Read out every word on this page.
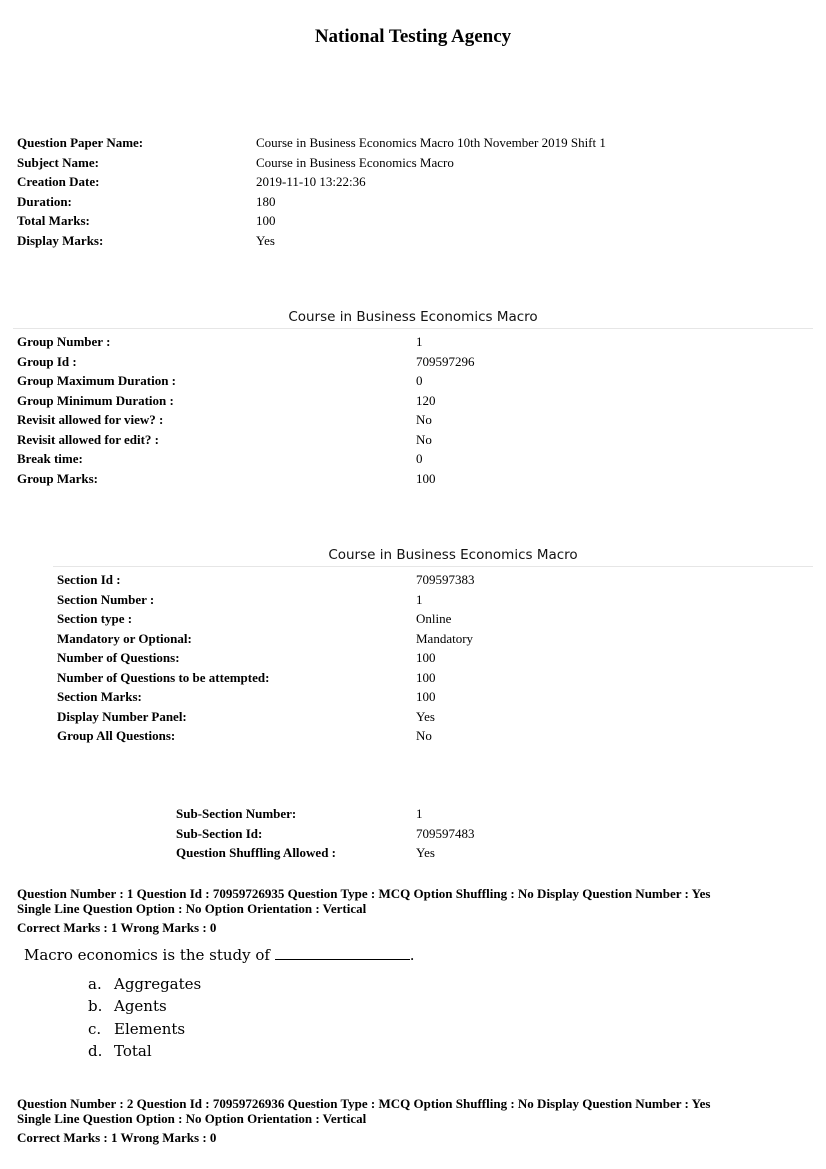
National Testing Agency
Question Paper Name:	Course in Business Economics Macro 10th November 2019 Shift 1
Subject Name:	Course in Business Economics Macro
Creation Date:	2019-11-10 13:22:36
Duration:	180
Total Marks:	100
Display Marks:	Yes
Course in Business Economics Macro
Group Number :	1
Group Id :	709597296
Group Maximum Duration :	0
Group Minimum Duration :	120
Revisit allowed for view? :	No
Revisit allowed for edit? :	No
Break time:	0
Group Marks:	100
Course in Business Economics Macro
Section Id :	709597383
Section Number :	1
Section type :	Online
Mandatory or Optional:	Mandatory
Number of Questions:	100
Number of Questions to be attempted:	100
Section Marks:	100
Display Number Panel:	Yes
Group All Questions:	No
Sub-Section Number:	1
Sub-Section Id:	709597483
Question Shuffling Allowed :	Yes
Question Number : 1 Question Id : 70959726935 Question Type : MCQ Option Shuffling : No Display Question Number : Yes
Single Line Question Option : No Option Orientation : Vertical
Correct Marks : 1 Wrong Marks : 0
Macro economics is the study of	.
a. Aggregates
b. Agents
c. Elements
d. Total
Question Number : 2 Question Id : 70959726936 Question Type : MCQ Option Shuffling : No Display Question Number : Yes
Single Line Question Option : No Option Orientation : Vertical
Correct Marks : 1 Wrong Marks : 0
